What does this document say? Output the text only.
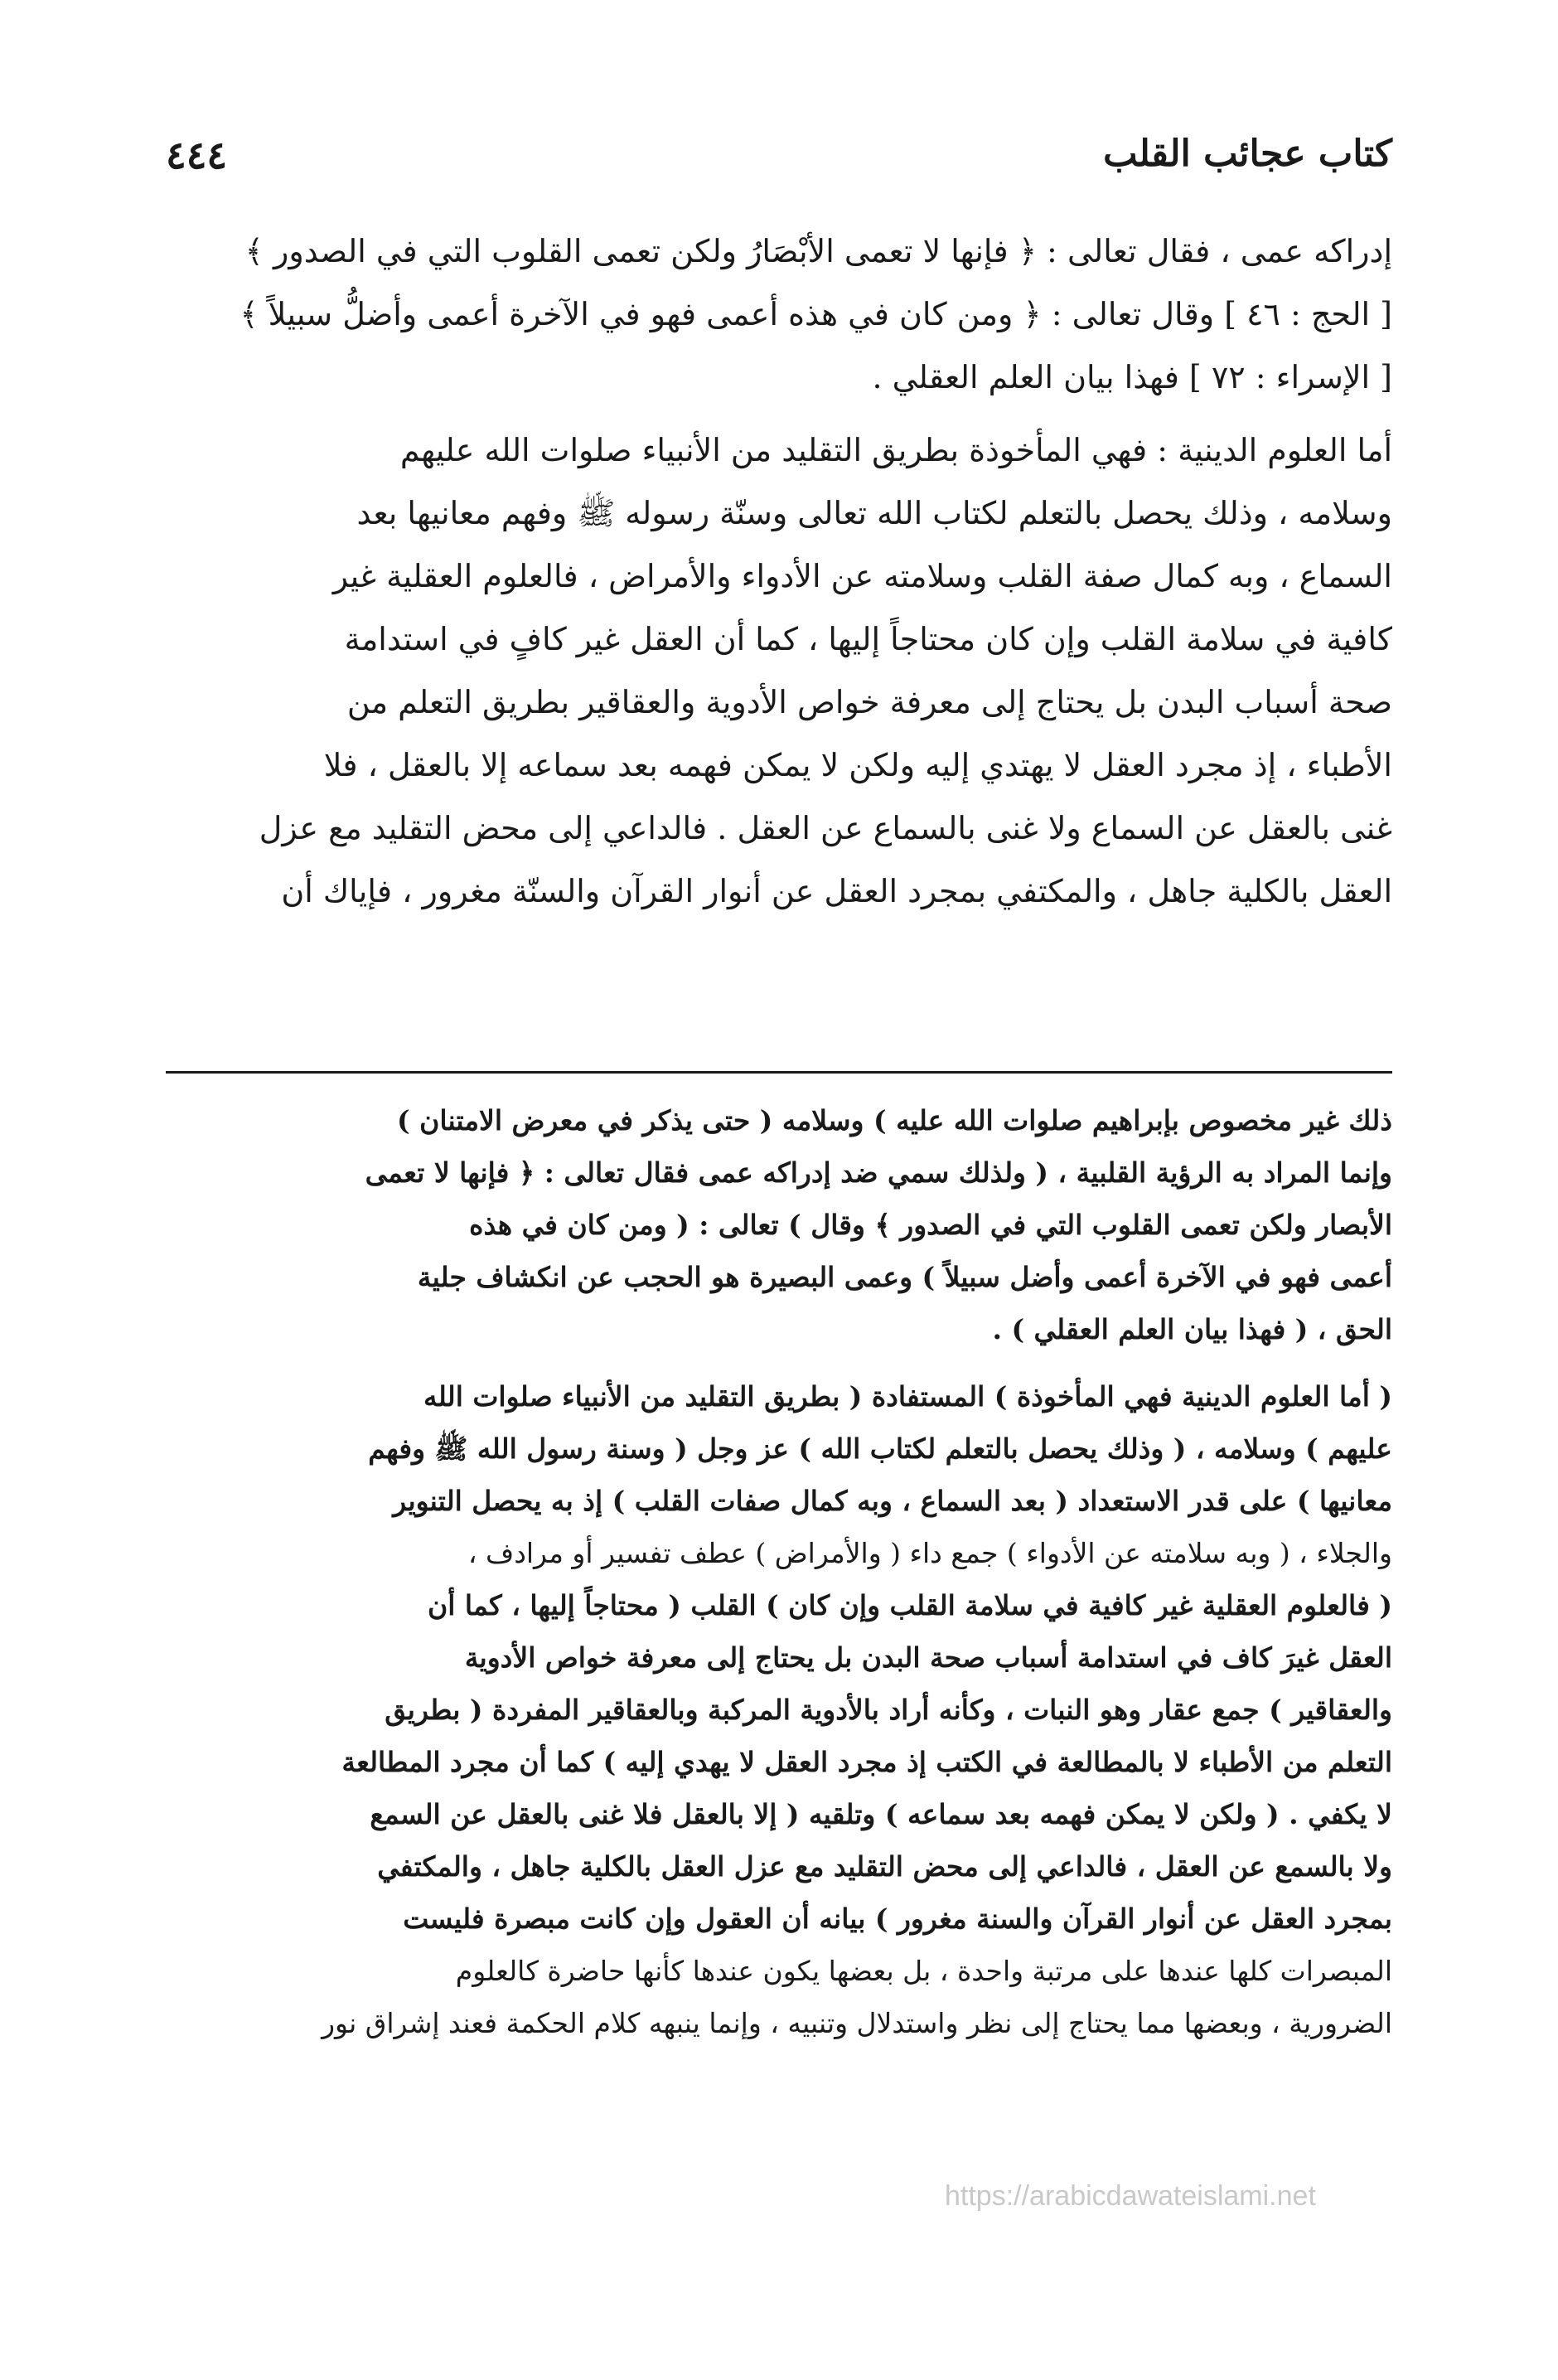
كتاب عجائب القلب
٤٤٤
إدراكه عمى ، فقال تعالى : ﴿ فإنها لا تعمى الأبْصَارُ ولكن تعمى القلوب التي في الصدور ﴾
[ الحج : ٤٦ ] وقال تعالى : ﴿ ومن كان في هذه أعمى فهو في الآخرة أعمى وأضلُّ سبيلاً ﴾
[ الإسراء : ٧٢ ] فهذا بيان العلم العقلي .
أما العلوم الدينية : فهي المأخوذة بطريق التقليد من الأنبياء صلوات الله عليهم
وسلامه ، وذلك يحصل بالتعلم لكتاب الله تعالى وسنّة رسوله ﷺ وفهم معانيها بعد
السماع ، وبه كمال صفة القلب وسلامته عن الأدواء والأمراض ، فالعلوم العقلية غير
كافية في سلامة القلب وإن كان محتاجاً إليها ، كما أن العقل غير كافٍ في استدامة
صحة أسباب البدن بل يحتاج إلى معرفة خواص الأدوية والعقاقير بطريق التعلم من
الأطباء ، إذ مجرد العقل لا يهتدي إليه ولكن لا يمكن فهمه بعد سماعه إلا بالعقل ، فلا
غنى بالعقل عن السماع ولا غنى بالسماع عن العقل . فالداعي إلى محض التقليد مع عزل
العقل بالكلية جاهل ، والمكتفي بمجرد العقل عن أنوار القرآن والسنّة مغرور ، فإياك أن
ذلك غير مخصوص بإبراهيم صلوات الله عليه ) وسلامه ( حتى يذكر في معرض الامتنان )
وإنما المراد به الرؤية القلبية ، ( ولذلك سمي ضد إدراكه عمى فقال تعالى : ﴿ فإنها لا تعمى
الأبصار ولكن تعمى القلوب التي في الصدور ﴾ وقال ) تعالى : ( ومن كان في هذه
أعمى فهو في الآخرة أعمى وأضل سبيلاً ) وعمى البصيرة هو الحجب عن انكشاف جلية
الحق ، ( فهذا بيان العلم العقلي ) .
( أما العلوم الدينية فهي المأخوذة ) المستفادة ( بطريق التقليد من الأنبياء صلوات الله
عليهم ) وسلامه ، ( وذلك يحصل بالتعلم لكتاب الله ) عز وجل ( وسنة رسول الله ﷺ وفهم
معانيها ) على قدر الاستعداد ( بعد السماع ، وبه كمال صفات القلب ) إذ به يحصل التنوير
والجلاء ، ( وبه سلامته عن الأدواء ) جمع داء ( والأمراض ) عطف تفسير أو مرادف ،
( فالعلوم العقلية غير كافية في سلامة القلب وإن كان ) القلب ( محتاجاً إليها ، كما أن
العقل غيرَ كاف في استدامة أسباب صحة البدن بل يحتاج إلى معرفة خواص الأدوية
والعقاقير ) جمع عقار وهو النبات ، وكأنه أراد بالأدوية المركبة وبالعقاقير المفردة ( بطريق
التعلم من الأطباء لا بالمطالعة في الكتب إذ مجرد العقل لا يهدي إليه ) كما أن مجرد المطالعة
لا يكفي . ( ولكن لا يمكن فهمه بعد سماعه ) وتلقيه ( إلا بالعقل فلا غنى بالعقل عن السمع
ولا بالسمع عن العقل ، فالداعي إلى محض التقليد مع عزل العقل بالكلية جاهل ، والمكتفي
بمجرد العقل عن أنوار القرآن والسنة مغرور ) بيانه أن العقول وإن كانت مبصرة فليست
المبصرات كلها عندها على مرتبة واحدة ، بل بعضها يكون عندها كأنها حاضرة كالعلوم
الضرورية ، وبعضها مما يحتاج إلى نظر واستدلال وتنبيه ، وإنما ينبهه كلام الحكمة فعند إشراق نور
https://arabicdawateislami.net
